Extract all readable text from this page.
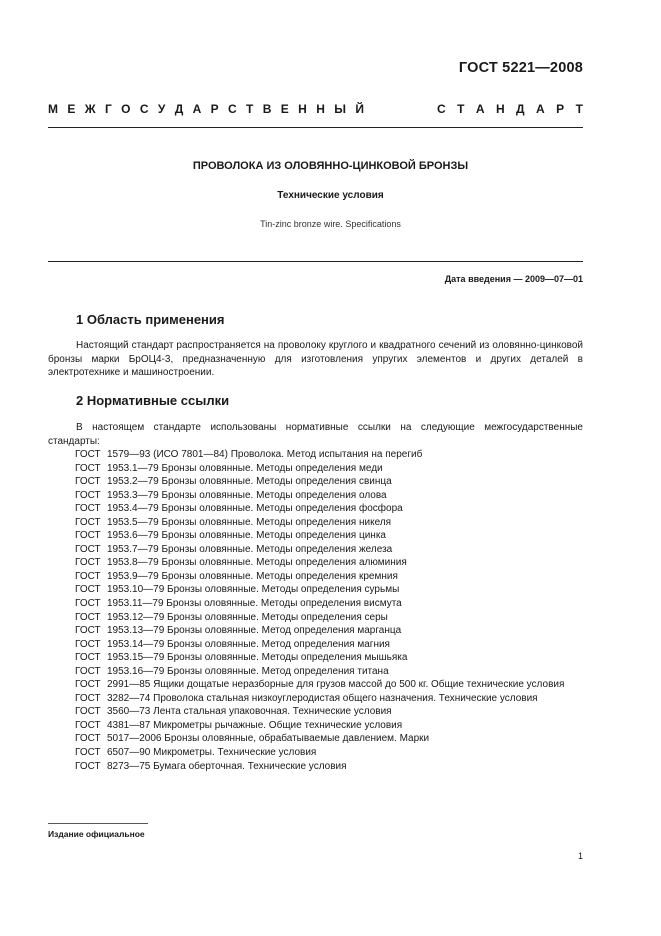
ГОСТ 5221—2008
М Е Ж Г О С У Д А Р С Т В Е Н Н Ы Й	С Т А Н Д А Р Т
ПРОВОЛОКА ИЗ ОЛОВЯННО-ЦИНКОВОЙ БРОНЗЫ
Технические условия
Tin-zinc bronze wire. Specifications
Дата введения — 2009—07—01
1 Область применения

Настоящий стандарт распространяется на проволоку круглого и квадратного сечений из оловянно-цинковой бронзы марки БрОЦ4-3, предназначенную для изготовления упругих элементов и других деталей в электротехнике и машиностроении.

2 Нормативные ссылки

В настоящем стандарте использованы нормативные ссылки на следующие межгосударственные стандарты:

ГОСТ 1579—93 (ИСО 7801—84) Проволока. Метод испытания на перегиб
ГОСТ 1953.1—79 Бронзы оловянные. Методы определения меди
ГОСТ 1953.2—79 Бронзы оловянные. Методы определения свинца
ГОСТ 1953.3—79 Бронзы оловянные. Методы определения олова
ГОСТ 1953.4—79 Бронзы оловянные. Методы определения фосфора
ГОСТ 1953.5—79 Бронзы оловянные. Методы определения никеля
ГОСТ 1953.6—79 Бронзы оловянные. Методы определения цинка
ГОСТ 1953.7—79 Бронзы оловянные. Методы определения железа
ГОСТ 1953.8—79 Бронзы оловянные. Методы определения алюминия
ГОСТ 1953.9—79 Бронзы оловянные. Методы определения кремния
ГОСТ 1953.10—79 Бронзы оловянные. Методы определения сурьмы
ГОСТ 1953.11—79 Бронзы оловянные. Методы определения висмута
ГОСТ 1953.12—79 Бронзы оловянные. Методы определения серы
ГОСТ 1953.13—79 Бронзы оловянные. Метод определения марганца
ГОСТ 1953.14—79 Бронзы оловянные. Метод определения магния
ГОСТ 1953.15—79 Бронзы оловянные. Методы определения мышьяка
ГОСТ 1953.16—79 Бронзы оловянные. Метод определения титана
ГОСТ 2991—85 Ящики дощатые неразборные для грузов массой до 500 кг. Общие технические условия
ГОСТ 3282—74 Проволока стальная низкоуглеродистая общего назначения. Технические условия
ГОСТ 3560—73 Лента стальная упаковочная. Технические условия
ГОСТ 4381—87 Микрометры рычажные. Общие технические условия
ГОСТ 5017—2006 Бронзы оловянные, обрабатываемые давлением. Марки
ГОСТ 6507—90 Микрометры. Технические условия
ГОСТ 8273—75 Бумага оберточная. Технические условия
Издание официальное
1
